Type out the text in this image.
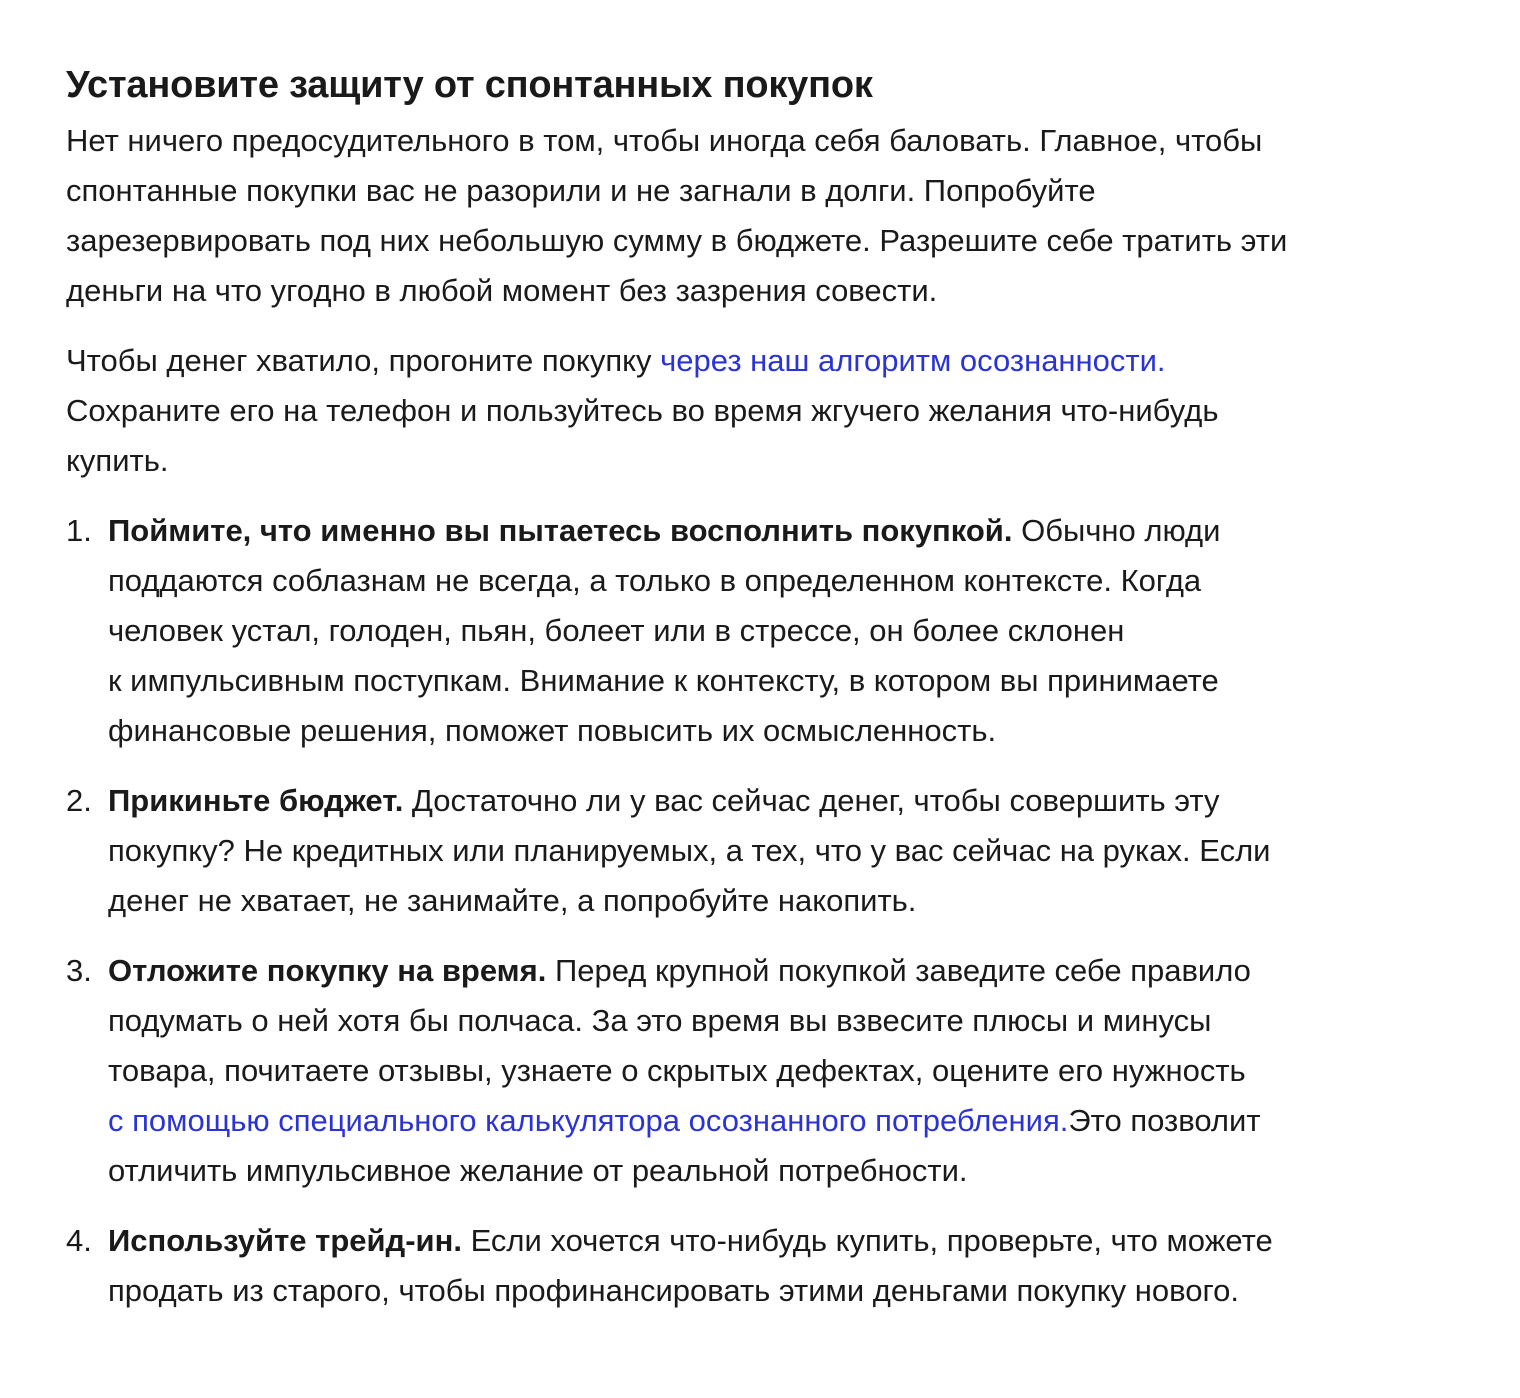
Установите защиту от спонтанных покупок

Нет ничего предосудительного в том, чтобы иногда себя баловать. Главное, чтобы
спонтанные покупки вас не разорили и не загнали в долги. Попробуйте
зарезервировать под них небольшую сумму в бюджете. Разрешите себе тратить эти
деньги на что угодно в любой момент без зазрения совести.

Чтобы денег хватило, прогоните покупку через наш алгоритм осознанности.
Сохраните его на телефон и пользуйтесь во время жгучего желания что-нибудь
купить.

1. Поймите, что именно вы пытаетесь восполнить покупкой. Обычно люди
поддаются соблазнам не всегда, а только в определенном контексте. Когда
человек устал, голоден, пьян, болеет или в стрессе, он более склонен
к импульсивным поступкам. Внимание к контексту, в котором вы принимаете
финансовые решения, поможет повысить их осмысленность.
2. Прикиньте бюджет. Достаточно ли у вас сейчас денег, чтобы совершить эту
покупку? Не кредитных или планируемых, а тех, что у вас сейчас на руках. Если
денег не хватает, не занимайте, а попробуйте накопить.
3. Отложите покупку на время. Перед крупной покупкой заведите себе правило
подумать о ней хотя бы полчаса. За это время вы взвесите плюсы и минусы
товара, почитаете отзывы, узнаете о скрытых дефектах, оцените его нужность
с помощью специального калькулятора осознанного потребления.Это позволит
отличить импульсивное желание от реальной потребности.
4. Используйте трейд-ин. Если хочется что-нибудь купить, проверьте, что можете
продать из старого, чтобы профинансировать этими деньгами покупку нового.
